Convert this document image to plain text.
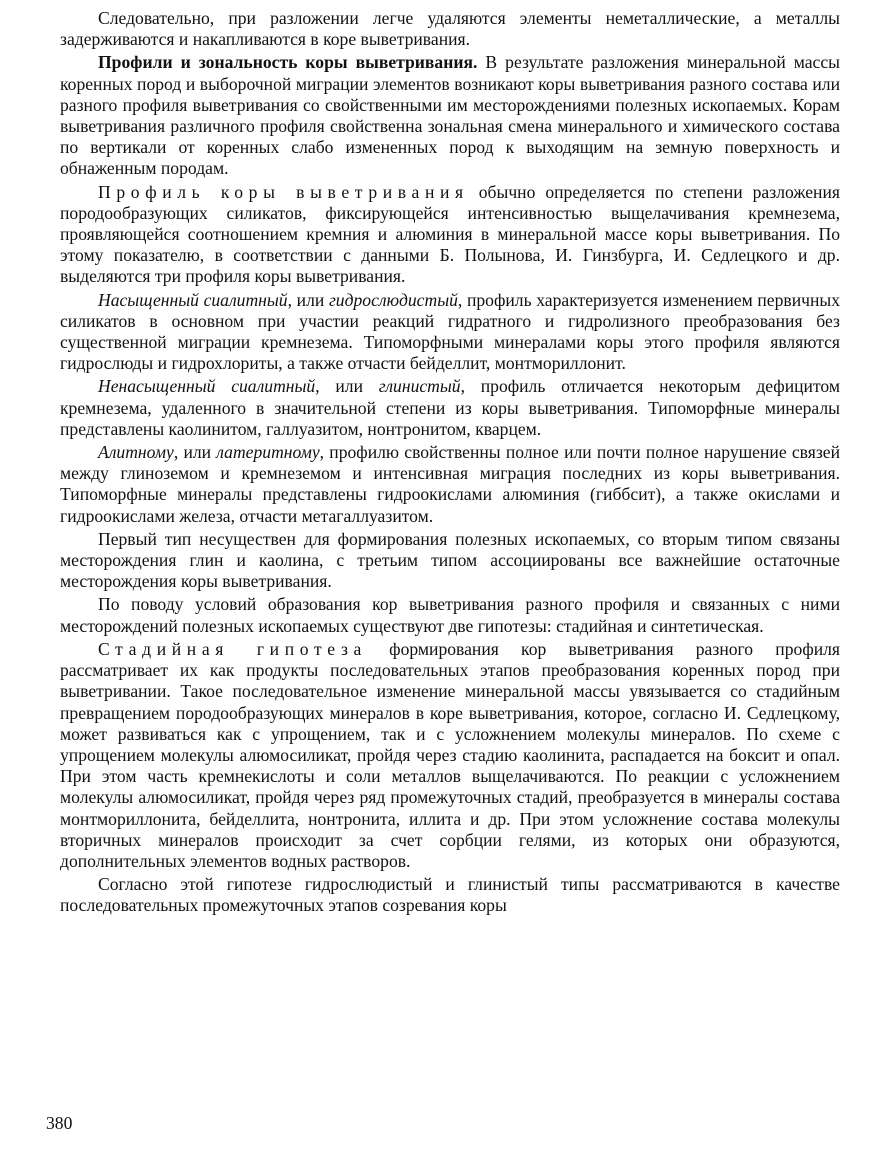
Следовательно, при разложении легче удаляются элементы неметаллические, а металлы задерживаются и накапливаются в коре выветривания.

Профили и зональность коры выветривания. В результате разложения минеральной массы коренных пород и выборочной миграции элементов возникают коры выветривания разного состава или разного профиля выветривания со свойственными им месторождениями полезных ископаемых. Корам выветривания различного профиля свойственна зональная смена минерального и химического состава по вертикали от коренных слабо измененных пород к выходящим на земную поверхность и обнаженным породам.

Профиль коры выветривания обычно определяется по степени разложения породообразующих силикатов, фиксирующейся интенсивностью выщелачивания кремнезема, проявляющейся соотношением кремния и алюминия в минеральной массе коры выветривания. По этому показателю, в соответствии с данными Б. Полынова, И. Гинзбурга, И. Седлецкого и др. выделяются три профиля коры выветривания.

Насыщенный сиалитный, или гидрослюдистый, профиль характеризуется изменением первичных силикатов в основном при участии реакций гидратного и гидролизного преобразования без существенной миграции кремнезема. Типоморфными минералами коры этого профиля являются гидрослюды и гидрохлориты, а также отчасти бейделлит, монтмориллонит.

Ненасыщенный сиалитный, или глинистый, профиль отличается некоторым дефицитом кремнезема, удаленного в значительной степени из коры выветривания. Типоморфные минералы представлены каолинитом, галлуазитом, нонтронитом, кварцем.

Алитному, или латеритному, профилю свойственны полное или почти полное нарушение связей между глиноземом и кремнеземом и интенсивная миграция последних из коры выветривания. Типоморфные минералы представлены гидроокислами алюминия (гиббсит), а также окислами и гидроокислами железа, отчасти метагаллуазитом.

Первый тип несуществен для формирования полезных ископаемых, со вторым типом связаны месторождения глин и каолина, с третьим типом ассоциированы все важнейшие остаточные месторождения коры выветривания.

По поводу условий образования кор выветривания разного профиля и связанных с ними месторождений полезных ископаемых существуют две гипотезы: стадийная и синтетическая.

Стадийная гипотеза формирования кор выветривания разного профиля рассматривает их как продукты последовательных этапов преобразования коренных пород при выветривании. Такое последовательное изменение минеральной массы увязывается со стадийным превращением породообразующих минералов в коре выветривания, которое, согласно И. Седлецкому, может развиваться как с упрощением, так и с усложнением молекулы минералов. По схеме с упрощением молекулы алюмосиликат, пройдя через стадию каолинита, распадается на боксит и опал. При этом часть кремнекислоты и соли металлов выщелачиваются. По реакции с усложнением молекулы алюмосиликат, пройдя через ряд промежуточных стадий, преобразуется в минералы состава монтмориллонита, бейделлита, нонтронита, иллита и др. При этом усложнение состава молекулы вторичных минералов происходит за счет сорбции гелями, из которых они образуются, дополнительных элементов водных растворов.

Согласно этой гипотезе гидрослюдистый и глинистый типы рассматриваются в качестве последовательных промежуточных этапов созревания коры

380
